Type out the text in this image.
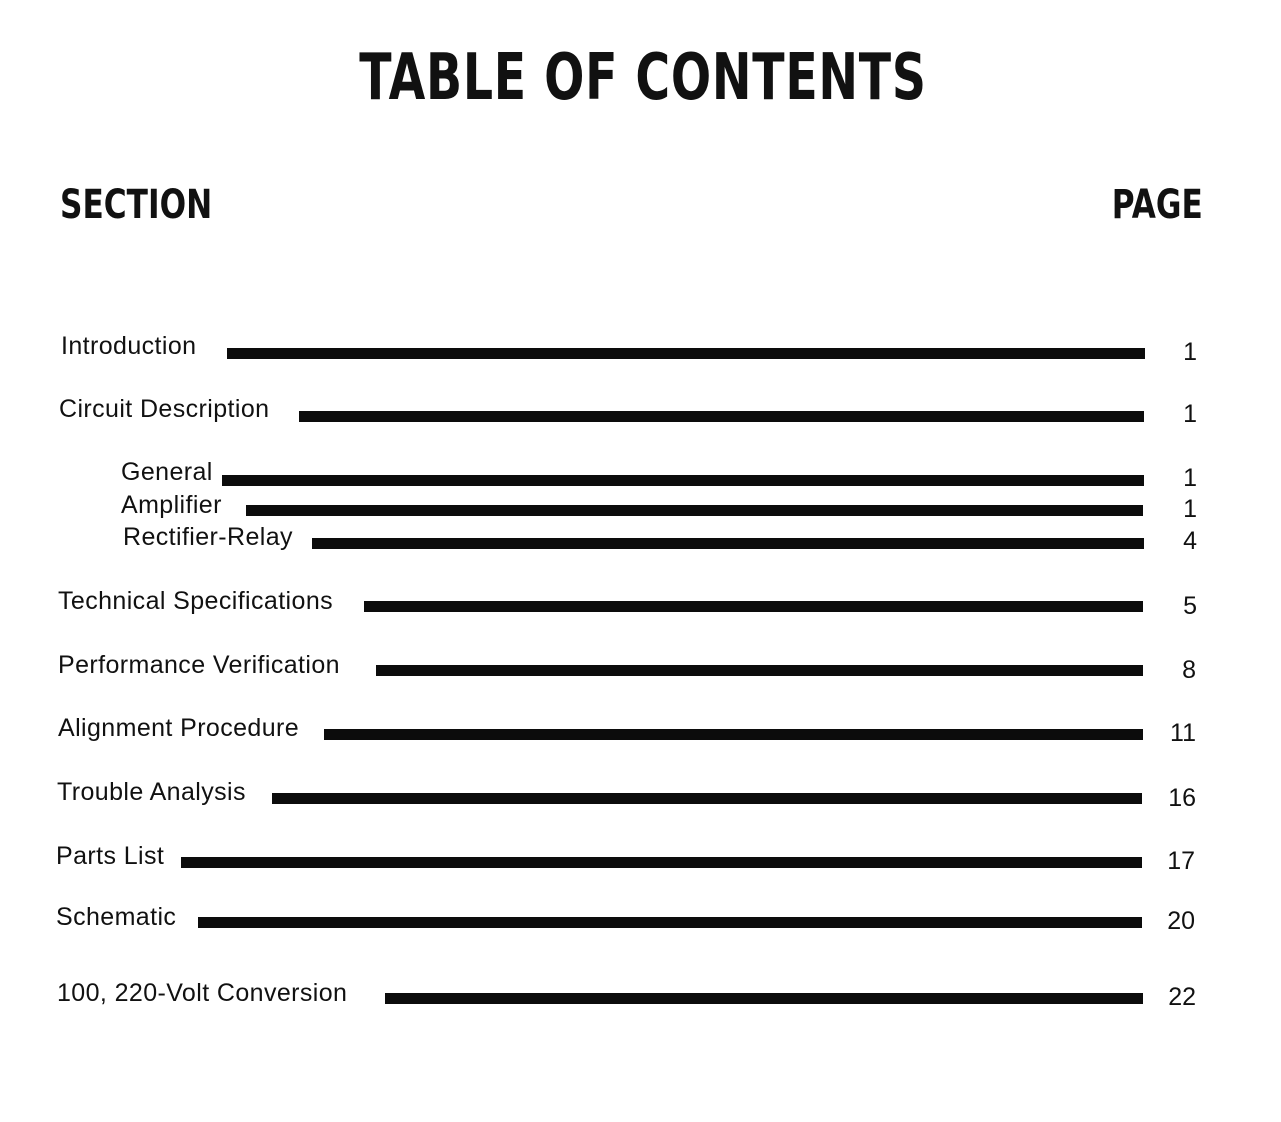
TABLE OF CONTENTS
SECTION	PAGE
Introduction	1
Circuit Description	1
General	1
Amplifier	1
Rectifier-Relay	4
Technical Specifications	5
Performance Verification	8
Alignment Procedure	11
Trouble Analysis	16
Parts List	17
Schematic	20
100, 220-Volt Conversion	22
